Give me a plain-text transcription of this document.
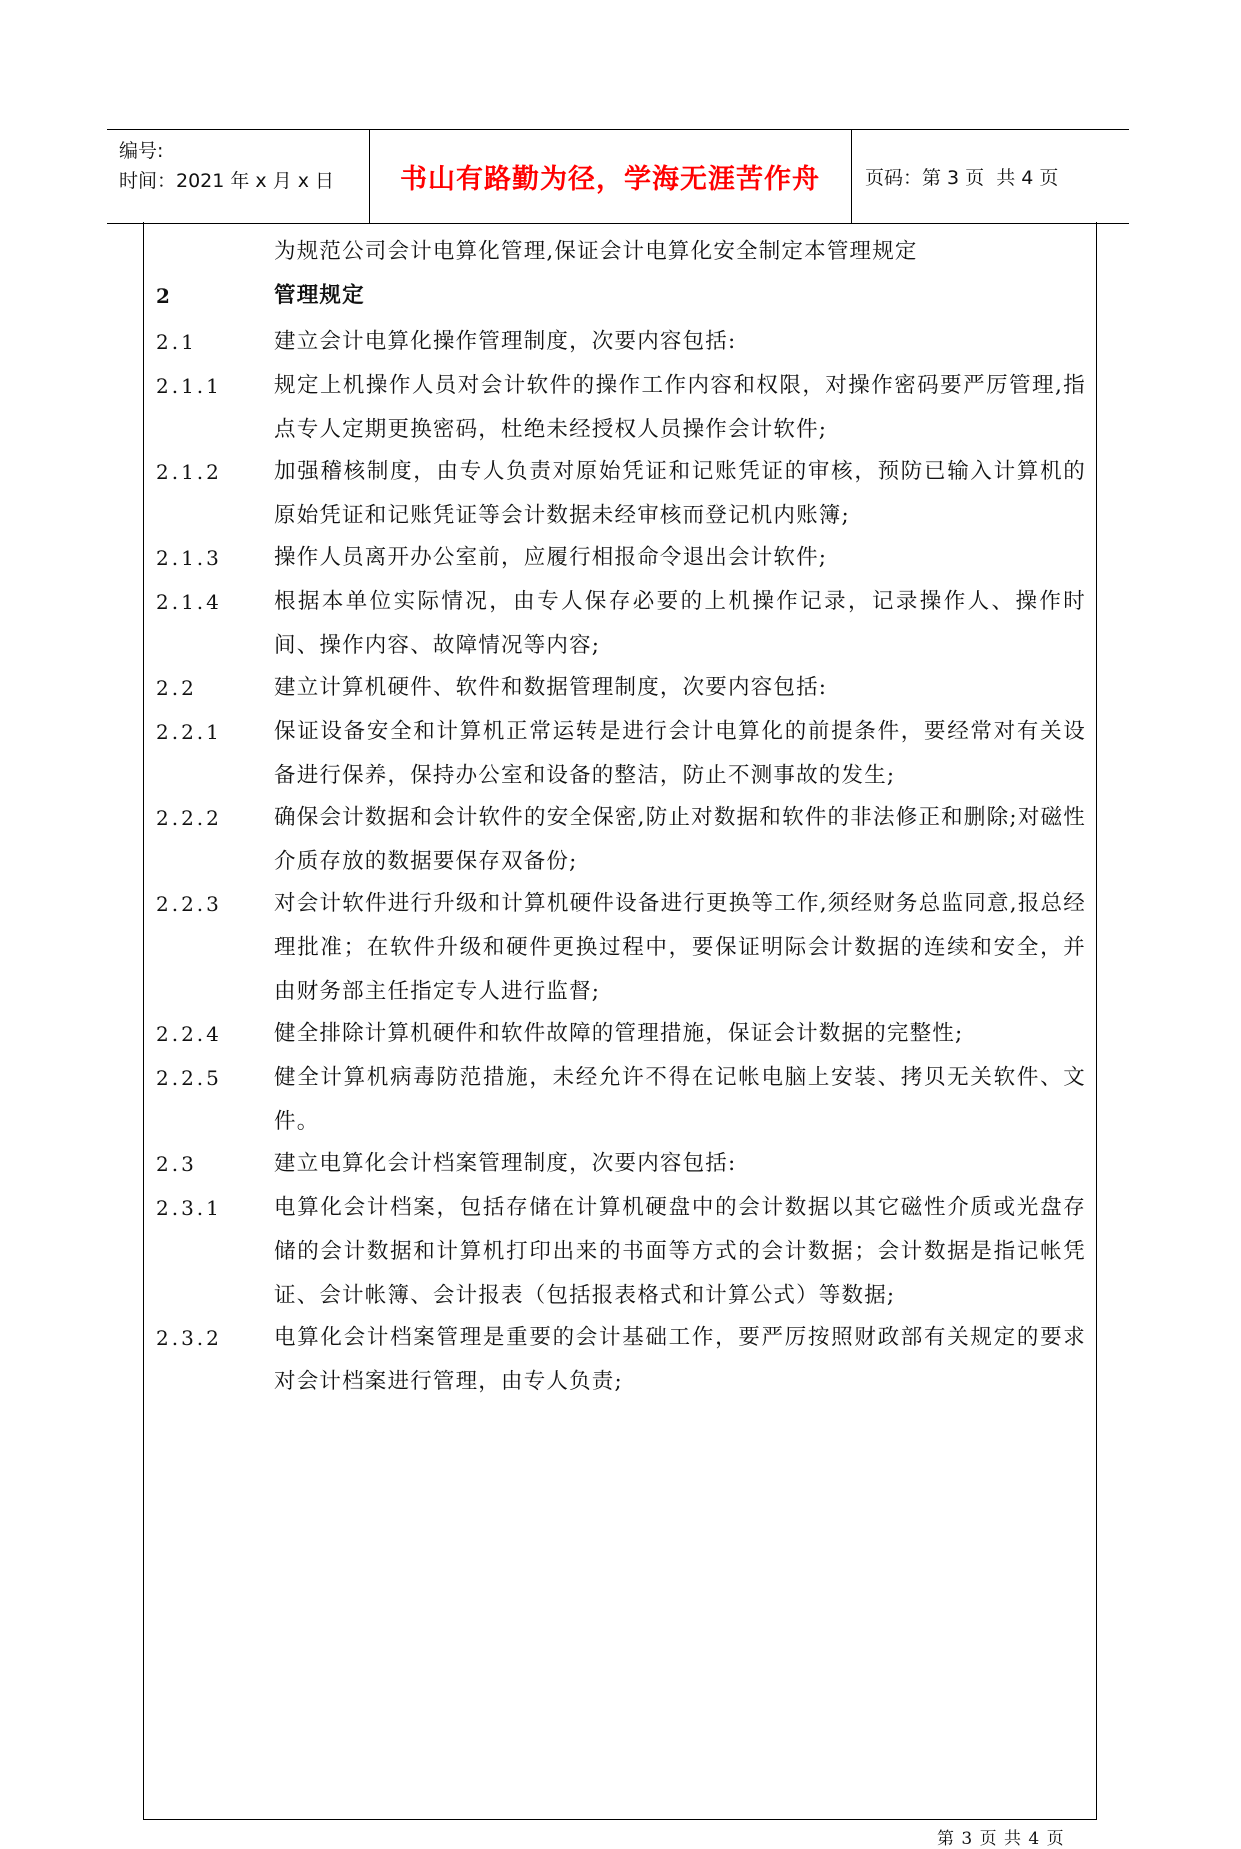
编号:
时间：2021 年 x 月 x 日	书山有路勤为径，学海无涯苦作舟	页码：第 3 页  共 4 页
为规范公司会计电算化管理,保证会计电算化安全制定本管理规定
2	管理规定
2.1	建立会计电算化操作管理制度，次要内容包括:
2.1.1 规定上机操作人员对会计软件的操作工作内容和权限，对操作密码要严厉管理,指点专人定期更换密码，杜绝未经授权人员操作会计软件;
2.1.2 加强稽核制度，由专人负责对原始凭证和记账凭证的审核，预防已输入计算机的原始凭证和记账凭证等会计数据未经审核而登记机内账簿;
2.1.3 操作人员离开办公室前，应履行相报命令退出会计软件;
2.1.4 根据本单位实际情况，由专人保存必要的上机操作记录，记录操作人、操作时间、操作内容、故障情况等内容;
2.2	建立计算机硬件、软件和数据管理制度，次要内容包括:
2.2.1 保证设备安全和计算机正常运转是进行会计电算化的前提条件，要经常对有关设备进行保养，保持办公室和设备的整洁，防止不测事故的发生;
2.2.2 确保会计数据和会计软件的安全保密,防止对数据和软件的非法修正和删除;对磁性介质存放的数据要保存双备份;
2.2.3 对会计软件进行升级和计算机硬件设备进行更换等工作,须经财务总监同意,报总经理批准；在软件升级和硬件更换过程中，要保证明际会计数据的连续和安全，并由财务部主任指定专人进行监督;
2.2.4 健全排除计算机硬件和软件故障的管理措施，保证会计数据的完整性;
2.2.5 健全计算机病毒防范措施，未经允许不得在记帐电脑上安装、拷贝无关软件、文件。
2.3	建立电算化会计档案管理制度，次要内容包括:
2.3.1 电算化会计档案，包括存储在计算机硬盘中的会计数据以其它磁性介质或光盘存储的会计数据和计算机打印出来的书面等方式的会计数据；会计数据是指记帐凭证、会计帐簿、会计报表（包括报表格式和计算公式）等数据;
2.3.2 电算化会计档案管理是重要的会计基础工作，要严厉按照财政部有关规定的要求对会计档案进行管理，由专人负责;
第 3 页 共 4 页
